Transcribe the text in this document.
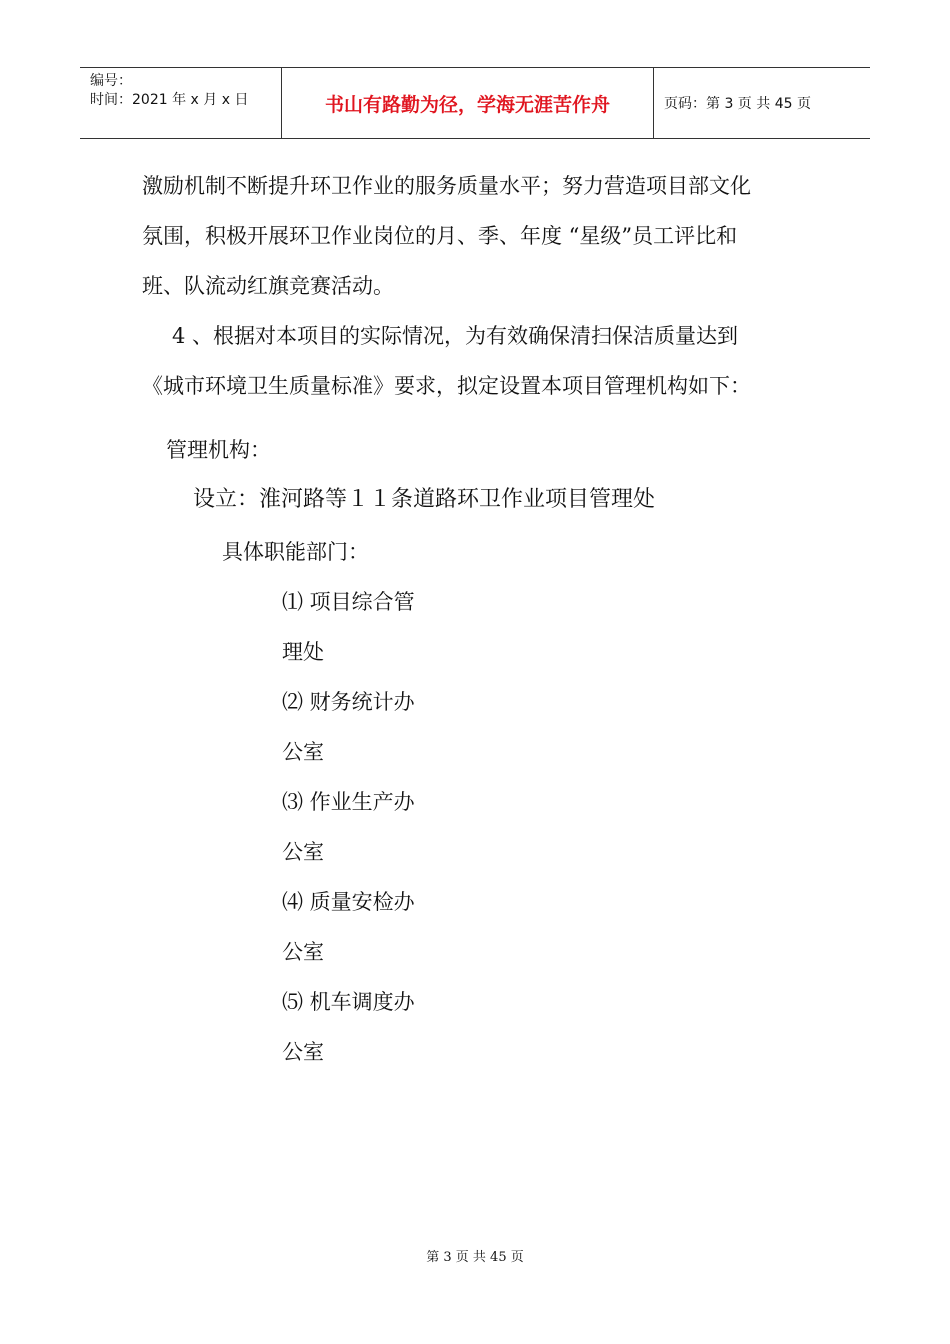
编号：
时间：2021 年 x 月 x 日	书山有路勤为径，学海无涯苦作舟	页码：第 3 页 共 45 页
激励机制不断提升环卫作业的服务质量水平；努力营造项目部文化
氛围，积极开展环卫作业岗位的月、季、年度 “星级”员工评比和
班、队流动红旗竞赛活动。
4 、根据对本项目的实际情况，为有效确保清扫保洁质量达到
《城市环境卫生质量标准》要求，拟定设置本项目管理机构如下：
管理机构：
设立：淮河路等１１条道路环卫作业项目管理处
具体职能部门：
⑴ 项目综合管
理处
⑵ 财务统计办
公室
⑶ 作业生产办
公室
⑷ 质量安检办
公室
⑸ 机车调度办
公室
第 3 页 共 45 页
